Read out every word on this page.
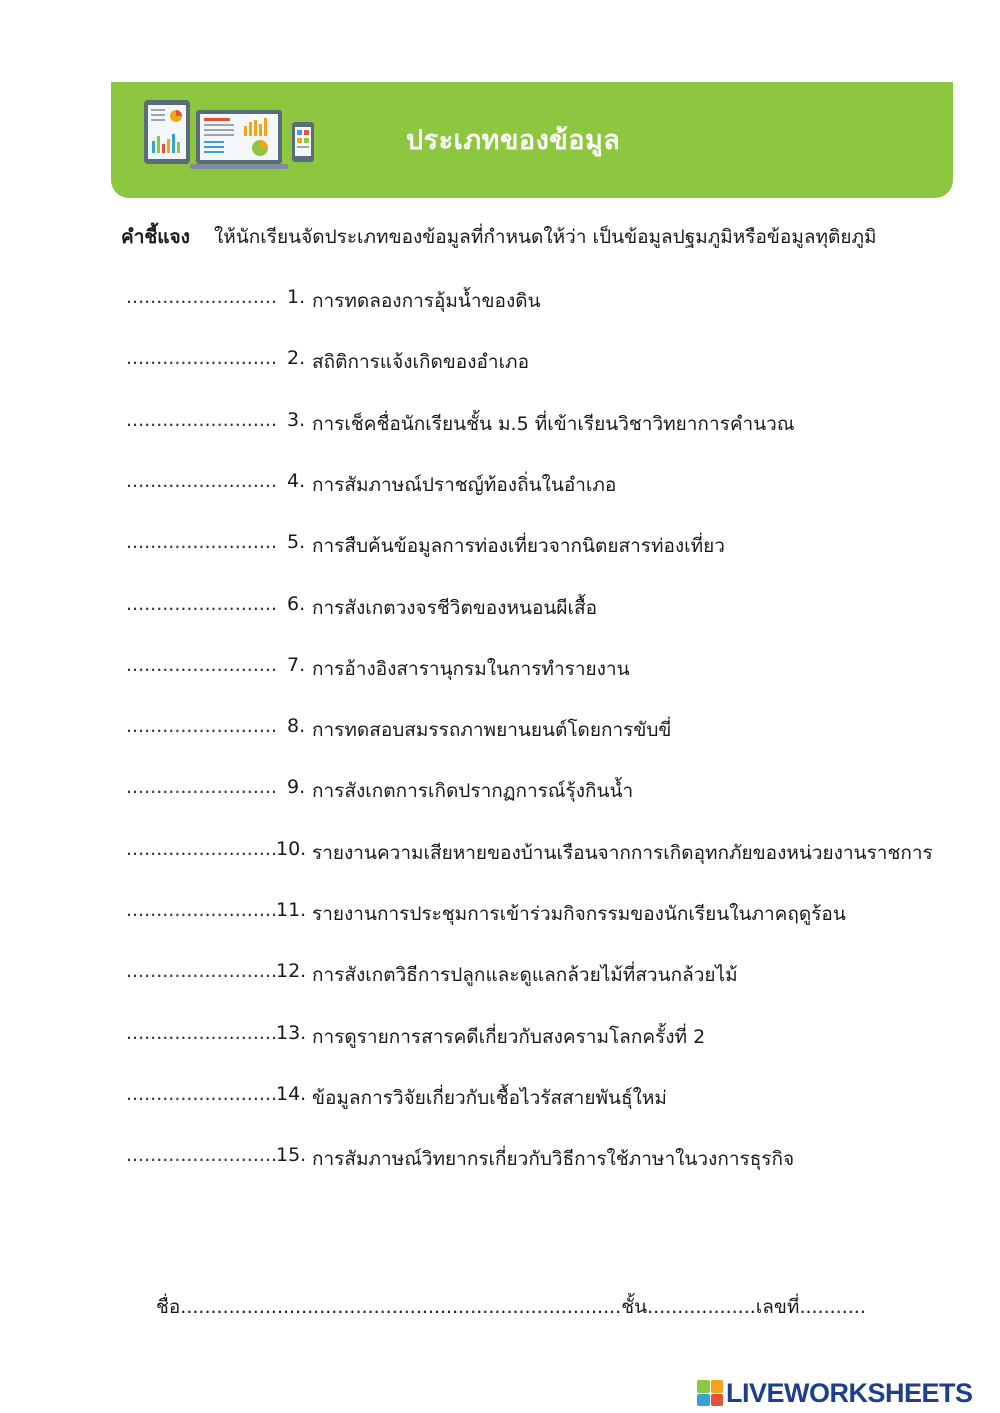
ประเภทของข้อมูล
คำชี้แจง ให้นักเรียนจัดประเภทของข้อมูลที่กำหนดให้ว่า เป็นข้อมูลปฐมภูมิหรือข้อมูลทุติยภูมิ
......................... 1. การทดลองการอุ้มน้ำของดิน
......................... 2. สถิติการแจ้งเกิดของอำเภอ
......................... 3. การเช็คชื่อนักเรียนชั้น ม.5 ที่เข้าเรียนวิชาวิทยาการคำนวณ
......................... 4. การสัมภาษณ์ปราชญ์ท้องถิ่นในอำเภอ
......................... 5. การสืบค้นข้อมูลการท่องเที่ยวจากนิตยสารท่องเที่ยว
......................... 6. การสังเกตวงจรชีวิตของหนอนผีเสื้อ
......................... 7. การอ้างอิงสารานุกรมในการทำรายงาน
......................... 8. การทดสอบสมรรถภาพยานยนต์โดยการขับขี่
......................... 9. การสังเกตการเกิดปรากฏการณ์รุ้งกินน้ำ
......................... 10. รายงานความเสียหายของบ้านเรือนจากการเกิดอุทกภัยของหน่วยงานราชการ
......................... 11. รายงานการประชุมการเข้าร่วมกิจกรรมของนักเรียนในภาคฤดูร้อน
......................... 12. การสังเกตวิธีการปลูกและดูแลกล้วยไม้ที่สวนกล้วยไม้
......................... 13. การดูรายการสารคดีเกี่ยวกับสงครามโลกครั้งที่ 2
......................... 14. ข้อมูลการวิจัยเกี่ยวกับเชื้อไวรัสสายพันธุ์ใหม่
......................... 15. การสัมภาษณ์วิทยากรเกี่ยวกับวิธีการใช้ภาษาในวงการธุรกิจ
ชื่อ.........................................................................ชั้น..................เลขที่...........
LIVEWORKSHEETS
